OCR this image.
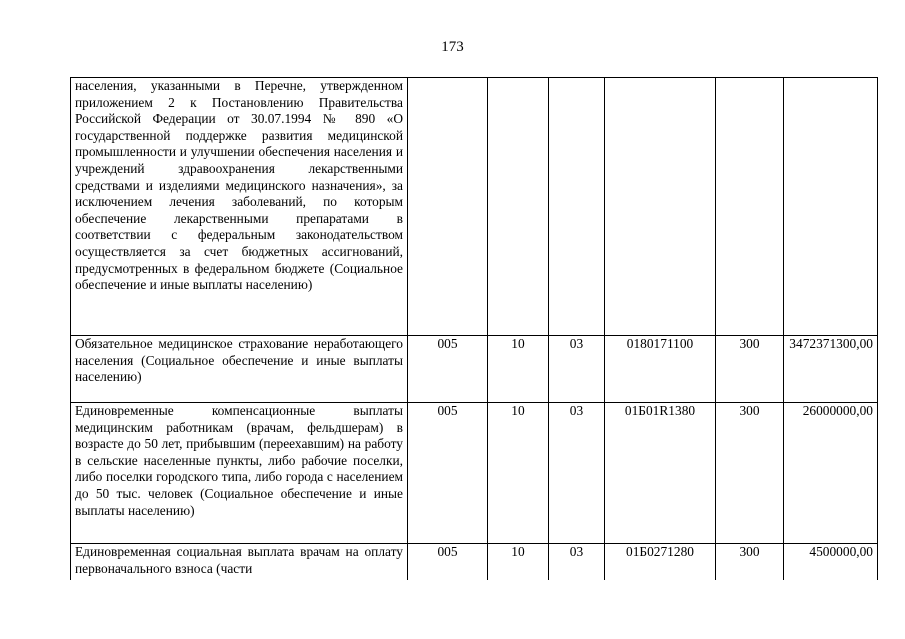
173
населения, указанными в Перечне, утвержденном приложением 2 к Постановлению Правительства Российской Федерации от 30.07.1994 № 890 «О государственной поддержке развития медицинской промышленности и улучшении обеспечения населения и учреждений здравоохранения лекарственными средствами и изделиями медицинского назначения», за исключением лечения заболеваний, по которым обеспечение лекарственными препаратами в соответствии с федеральным законодательством осуществляется за счет бюджетных ассигнований, предусмотренных в федеральном бюджете (Социальное обеспечение и иные выплаты населению)						

Обязательное медицинское страхование неработающего населения (Социальное обеспечение и иные выплаты населению)	005	10	03	0180171100	300	3472371300,00

Единовременные компенсационные выплаты медицинским работникам (врачам, фельдшерам) в возрасте до 50 лет, прибывшим (переехавшим) на работу в сельские населенные пункты, либо рабочие поселки, либо поселки городского типа, либо города с населением до 50 тыс. человек (Социальное обеспечение и иные выплаты населению)	005	10	03	01Б01R1380	300	26000000,00

Единовременная социальная выплата врачам на оплату первоначального взноса (части	005	10	03	01Б0271280	300	4500000,00
